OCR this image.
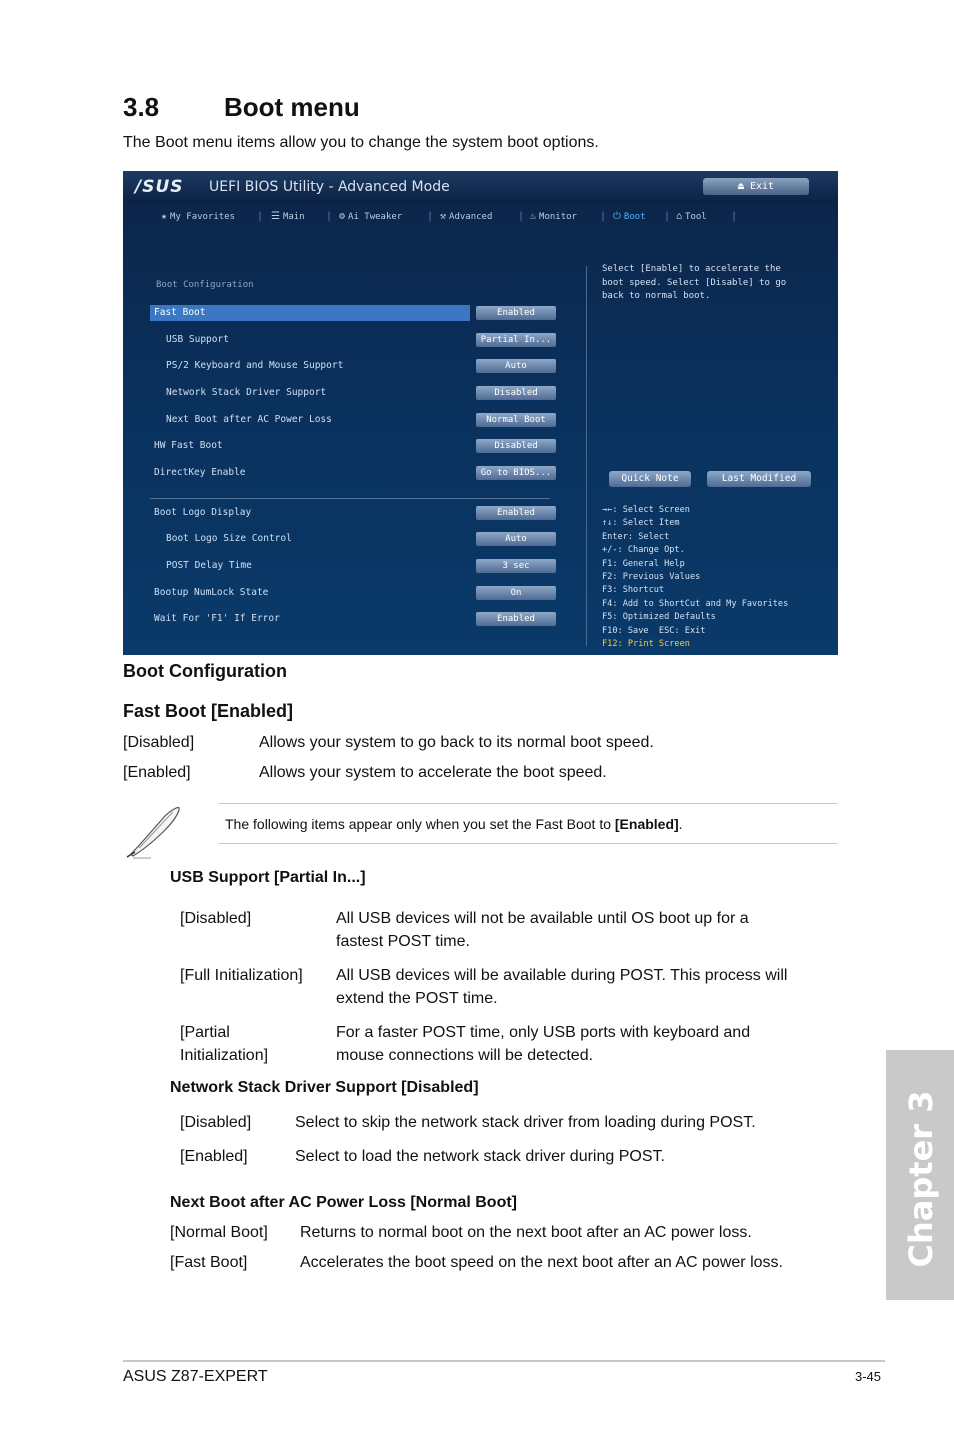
3.8 Boot menu
The Boot menu items allow you to change the system boot options.
/SUS UEFI BIOS Utility - Advanced Mode	⏏ Exit
★ My Favorites | ☰ Main | ⚙ Ai Tweaker | ⚒ Advanced	| ♨ Monitor | ⏻ Boot | ⌂ Tool |
Boot Configuration
Fast Boot	Enabled
USB Support	Partial In...
PS/2 Keyboard and Mouse Support	Auto
Network Stack Driver Support	Disabled
Next Boot after AC Power Loss	Normal Boot
HW Fast Boot	Disabled
DirectKey Enable	Go to BIOS...
Boot Logo Display	Enabled
Boot Logo Size Control	Auto
POST Delay Time	3 sec
Bootup NumLock State	On
Wait For 'F1' If Error	Enabled
Select [Enable] to accelerate the
boot speed. Select [Disable] to go
back to normal boot.
Quick Note	Last Modified
→←: Select Screen
↑↓: Select Item
Enter: Select
+/-: Change Opt.
F1: General Help
F2: Previous Values
F3: Shortcut
F4: Add to ShortCut and My Favorites
F5: Optimized Defaults
F10: Save  ESC: Exit
F12: Print Screen
Boot Configuration
Fast Boot [Enabled]
[Disabled]	Allows your system to go back to its normal boot speed.
[Enabled]	Allows your system to accelerate the boot speed.
The following items appear only when you set the Fast Boot to [Enabled].
USB Support [Partial In...]
[Disabled]	All USB devices will not be available until OS boot up for a
fastest POST time.
[Full Initialization] All USB devices will be available during POST. This process will
extend the POST time.
[Partial
Initialization]
For a faster POST time, only USB ports with keyboard and
mouse connections will be detected.
Network Stack Driver Support [Disabled]
[Disabled]	Select to skip the network stack driver from loading during POST.
[Enabled]	Select to load the network stack driver during POST.
Next Boot after AC Power Loss [Normal Boot]
[Normal Boot] Returns to normal boot on the next boot after an AC power loss.
[Fast Boot]	Accelerates the boot speed on the next boot after an AC power loss.	Chapter 3
ASUS Z87-EXPERT	3-45
